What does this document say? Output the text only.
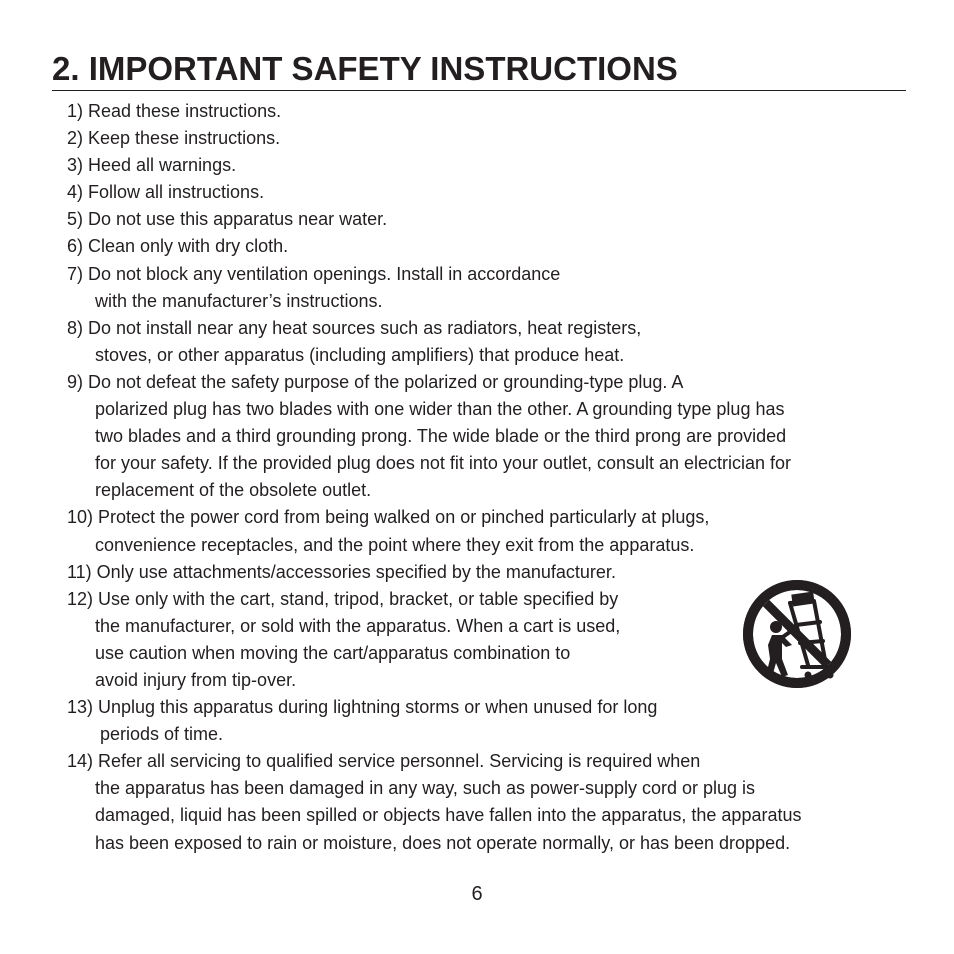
2. IMPORTANT SAFETY INSTRUCTIONS
1) Read these instructions.
2) Keep these instructions.
3) Heed all warnings.
4) Follow all instructions.
5) Do not use this apparatus near water.
6) Clean only with dry cloth.
7) Do not block any ventilation openings. Install in accordance
with the manufacturer’s instructions.
8) Do not install near any heat sources such as radiators, heat registers,
stoves, or other apparatus (including amplifiers) that produce heat.
9) Do not defeat the safety purpose of the polarized or grounding-type plug. A
polarized plug has two blades with one wider than the other. A grounding type plug has
two blades and a third grounding prong. The wide blade or the third prong are provided
for your safety. If the provided plug does not fit into your outlet, consult an electrician for
replacement of the obsolete outlet.
10) Protect the power cord from being walked on or pinched particularly at plugs,
convenience receptacles, and the point where they exit from the apparatus.
11) Only use attachments/accessories specified by the manufacturer.
12) Use only with the cart, stand, tripod, bracket, or table specified by
the manufacturer, or sold with the apparatus. When a cart is used,
use caution when moving the cart/apparatus combination to
avoid injury from tip-over.
13) Unplug this apparatus during lightning storms or when unused for long
periods of time.
14) Refer all servicing to qualified service personnel. Servicing is required when
the apparatus has been damaged in any way, such as power-supply cord or plug is
damaged, liquid has been spilled or objects have fallen into the apparatus, the apparatus
has been exposed to rain or moisture, does not operate normally, or has been dropped.
6
